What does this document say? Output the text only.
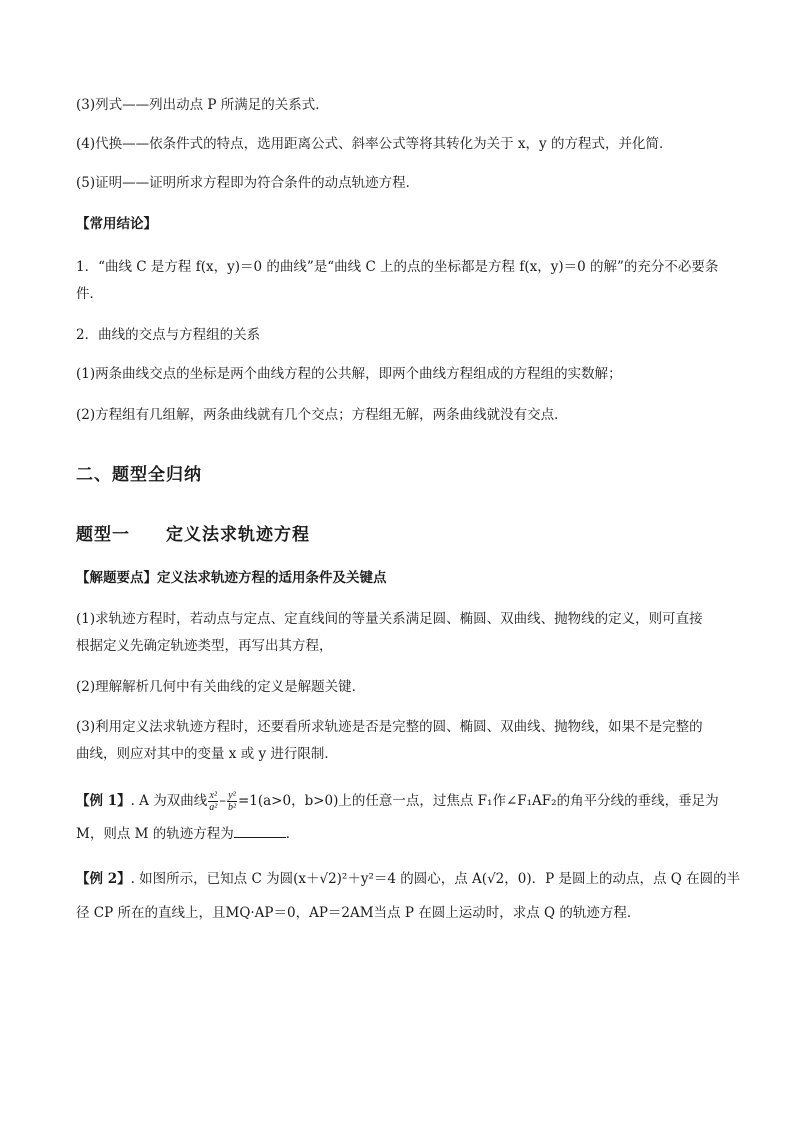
(3)列式——列出动点 P 所满足的关系式．
(4)代换——依条件式的特点，选用距离公式、斜率公式等将其转化为关于 x，y 的方程式，并化简．
(5)证明——证明所求方程即为符合条件的动点轨迹方程．
【常用结论】
1．“曲线 C 是方程 f(x，y)＝0 的曲线”是“曲线 C 上的点的坐标都是方程 f(x，y)＝0 的解”的充分不必要条
件．
2．曲线的交点与方程组的关系
(1)两条曲线交点的坐标是两个曲线方程的公共解，即两个曲线方程组成的方程组的实数解；
(2)方程组有几组解，两条曲线就有几个交点；方程组无解，两条曲线就没有交点．
二、题型全归纳
题型一　　定义法求轨迹方程
【解题要点】定义法求轨迹方程的适用条件及关键点
(1)求轨迹方程时，若动点与定点、定直线间的等量关系满足圆、椭圆、双曲线、抛物线的定义，则可直接
根据定义先确定轨迹类型，再写出其方程，
(2)理解解析几何中有关曲线的定义是解题关键．
(3)利用定义法求轨迹方程时，还要看所求轨迹是否是完整的圆、椭圆、双曲线、抛物线，如果不是完整的
曲线，则应对其中的变量 x 或 y 进行限制．
【例 1】. A 为双曲线 $\frac{\text{x²}}{\text{a²}} - \frac{\text{y²}}{\text{b²}} =1(a>0$，b>0)上的任意一点，过焦点 F₁作∠F₁AF₂的角平分线的垂线，垂足为
M，则点 M 的轨迹方程为	．
【例 2】. 如图所示，已知点 C 为圆(x＋√2)²＋y²＝4 的圆心，点 A(√2，0)．P 是圆上的动点，点 Q 在圆的半
径 CP 所在的直线上，且MQ·AP＝0，AP＝2AM当点 P 在圆上运动时，求点 Q 的轨迹方程．
